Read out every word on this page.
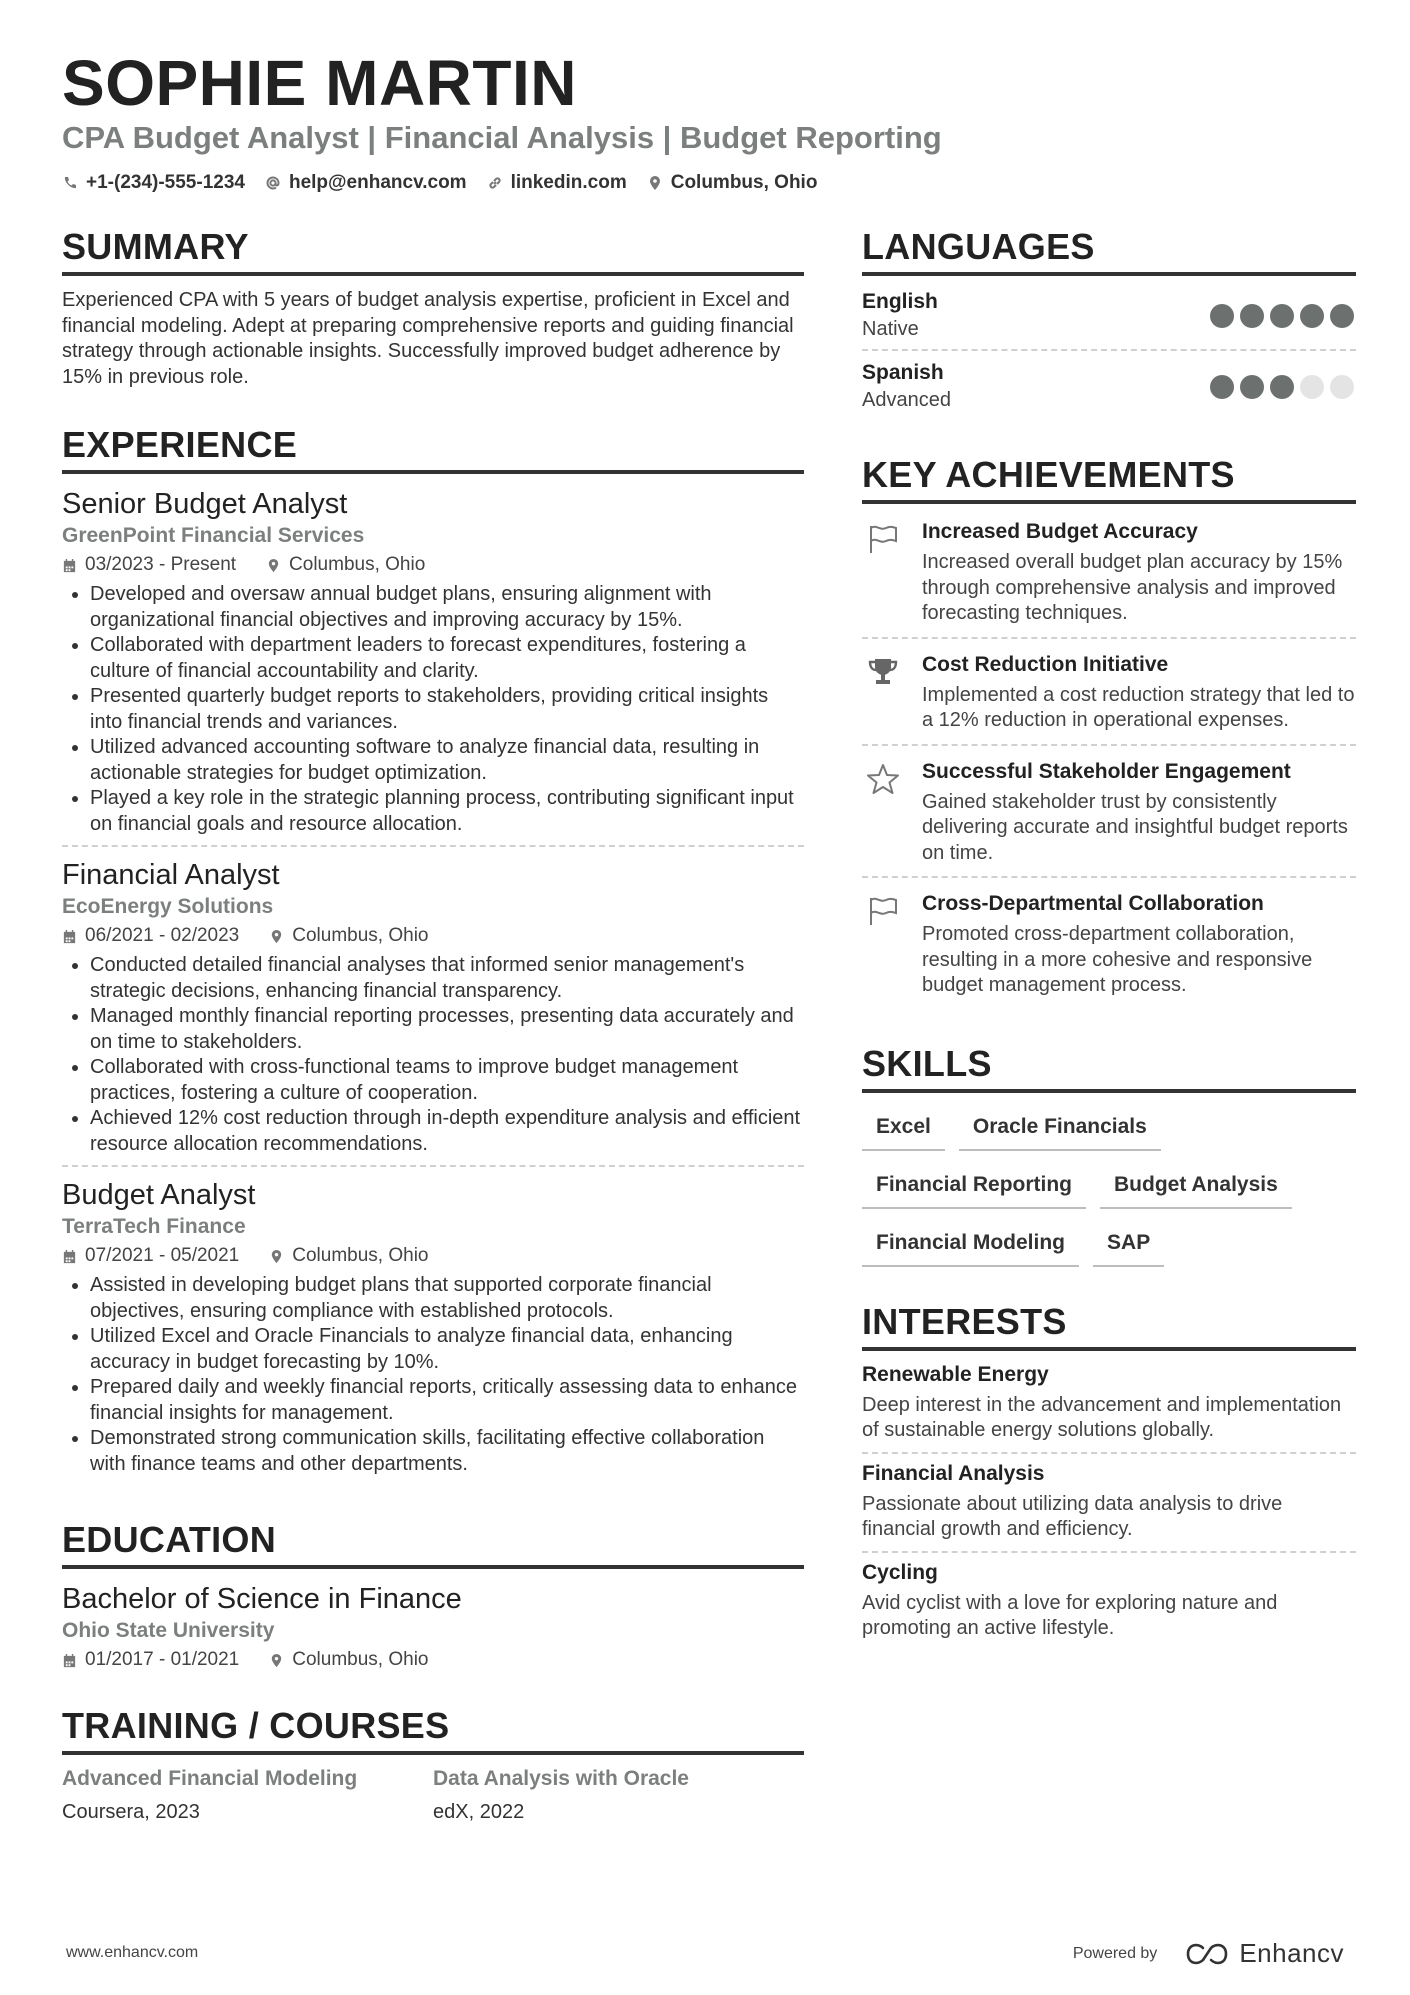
SOPHIE MARTIN
CPA Budget Analyst | Financial Analysis | Budget Reporting
+1-(234)-555-1234 help@enhancv.com linkedin.com Columbus, Ohio
SUMMARY
Experienced CPA with 5 years of budget analysis expertise, proficient in Excel and financial modeling. Adept at preparing comprehensive reports and guiding financial strategy through actionable insights. Successfully improved budget adherence by 15% in previous role.
EXPERIENCE
Senior Budget Analyst
GreenPoint Financial Services
03/2023 - Present	Columbus, Ohio
Developed and oversaw annual budget plans, ensuring alignment with organizational financial objectives and improving accuracy by 15%.
Collaborated with department leaders to forecast expenditures, fostering a culture of financial accountability and clarity.
Presented quarterly budget reports to stakeholders, providing critical insights into financial trends and variances.
Utilized advanced accounting software to analyze financial data, resulting in actionable strategies for budget optimization.
Played a key role in the strategic planning process, contributing significant input on financial goals and resource allocation.
Financial Analyst
EcoEnergy Solutions
06/2021 - 02/2023	Columbus, Ohio
Conducted detailed financial analyses that informed senior management's strategic decisions, enhancing financial transparency.
Managed monthly financial reporting processes, presenting data accurately and on time to stakeholders.
Collaborated with cross-functional teams to improve budget management practices, fostering a culture of cooperation.
Achieved 12% cost reduction through in-depth expenditure analysis and efficient resource allocation recommendations.
Budget Analyst
TerraTech Finance
07/2021 - 05/2021	Columbus, Ohio
Assisted in developing budget plans that supported corporate financial objectives, ensuring compliance with established protocols.
Utilized Excel and Oracle Financials to analyze financial data, enhancing accuracy in budget forecasting by 10%.
Prepared daily and weekly financial reports, critically assessing data to enhance financial insights for management.
Demonstrated strong communication skills, facilitating effective collaboration with finance teams and other departments.
EDUCATION
Bachelor of Science in Finance
Ohio State University
01/2017 - 01/2021	Columbus, Ohio
TRAINING / COURSES
Advanced Financial Modeling
Coursera, 2023
Data Analysis with Oracle
edX, 2022
LANGUAGES
English
Native
Spanish
Advanced
KEY ACHIEVEMENTS
Increased Budget Accuracy
Increased overall budget plan accuracy by 15% through comprehensive analysis and improved forecasting techniques.
Cost Reduction Initiative
Implemented a cost reduction strategy that led to a 12% reduction in operational expenses.
Successful Stakeholder Engagement
Gained stakeholder trust by consistently delivering accurate and insightful budget reports on time.
Cross-Departmental Collaboration
Promoted cross-department collaboration, resulting in a more cohesive and responsive budget management process.
SKILLS
Excel	Oracle Financials
Financial Reporting	Budget Analysis
Financial Modeling	SAP
INTERESTS
Renewable Energy
Deep interest in the advancement and implementation of sustainable energy solutions globally.
Financial Analysis
Passionate about utilizing data analysis to drive financial growth and efficiency.
Cycling
Avid cyclist with a love for exploring nature and promoting an active lifestyle.
www.enhancv.com	Powered by	Enhancv
